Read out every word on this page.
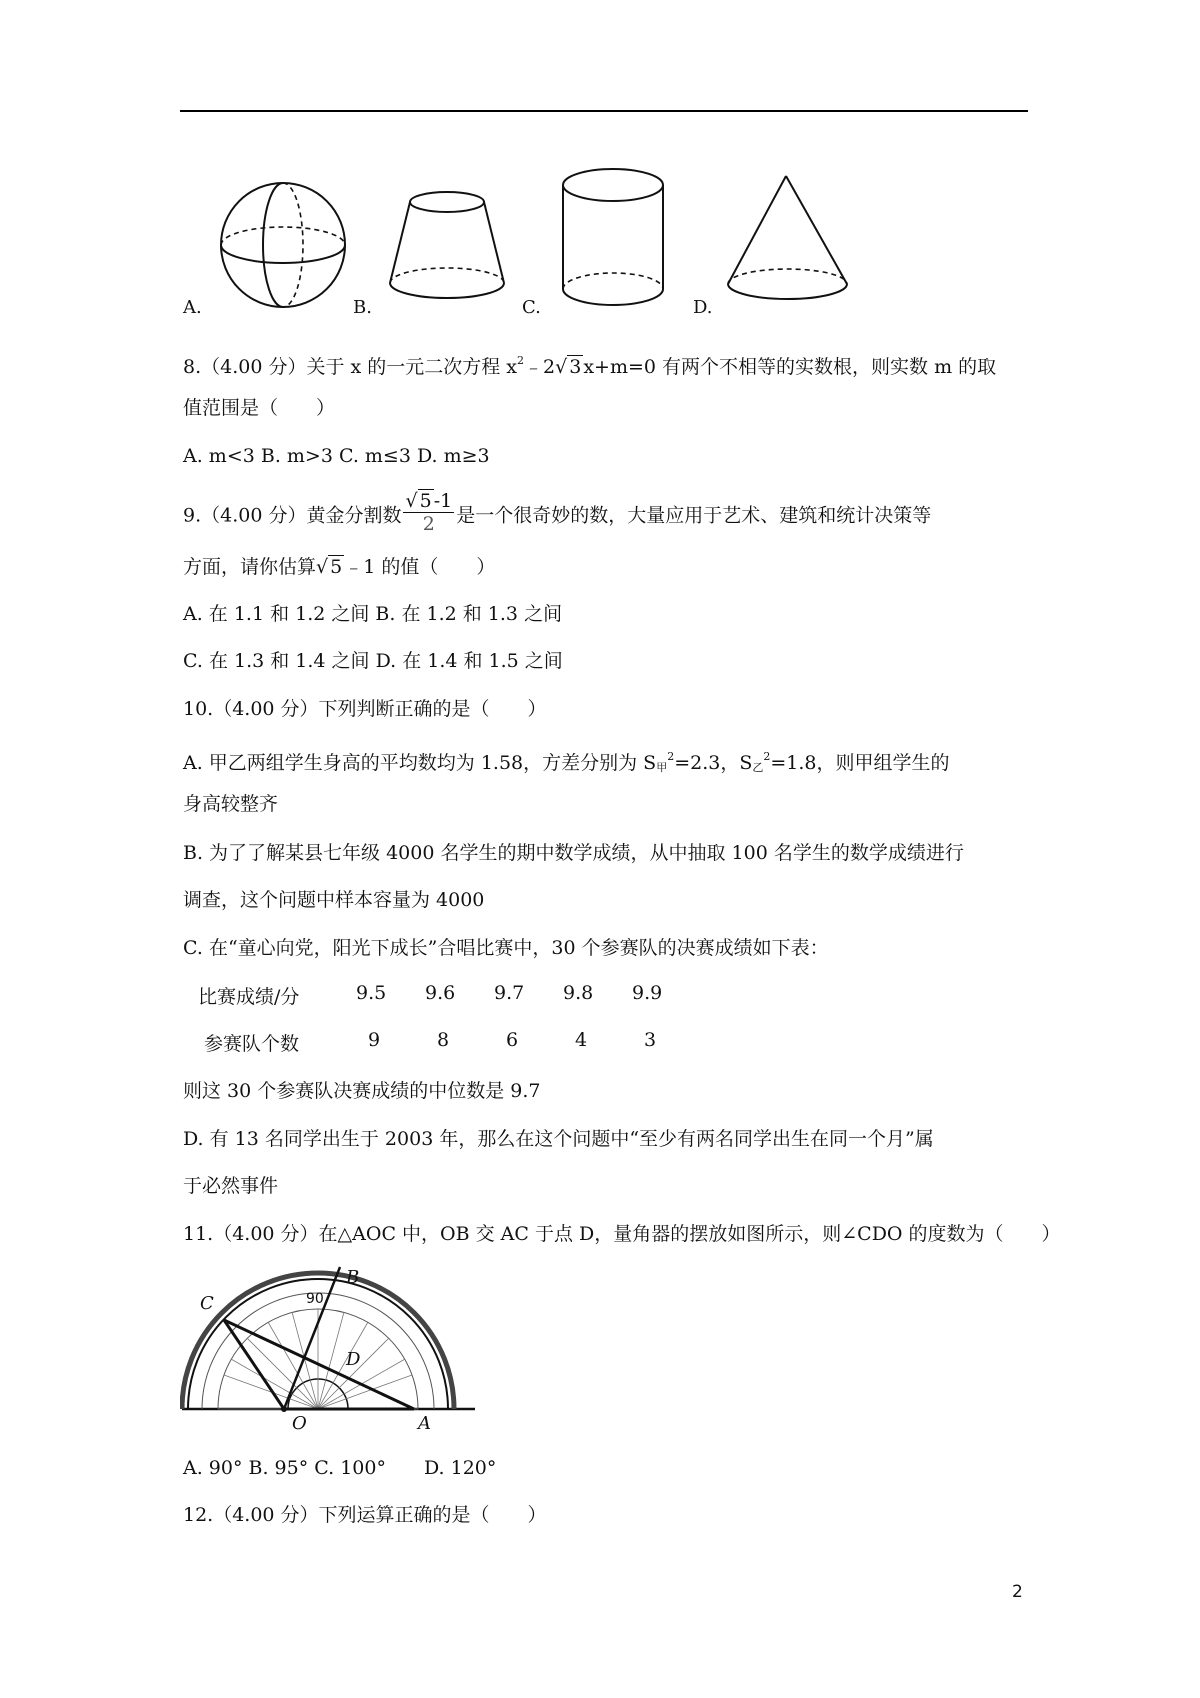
A.	B.	C.	D.
8.（4.00 分）关于 x 的一元二次方程 $x^2﹣2√$ 3 x+m=0 有两个不相等的实数根，则实数 m 的取
值范围是（　　）
A. m<3 B. m>3 C. m≤3 D. m≥3
9.（4.00 分）黄金分割数 $\frac{√ 5 -1}{2}$ 是一个很奇妙的数，大量应用于艺术、建筑和统计决策等
方面，请你估算√ 5 ﹣1 的值（　　）
A. 在 1.1 和 1.2 之间 B. 在 1.2 和 1.3 之间
C. 在 1.3 和 1.4 之间 D. 在 1.4 和 1.5 之间
10.（4.00 分）下列判断正确的是（　　）
A. 甲乙两组学生身高的平均数均为 1.58，方差分别为 S甲$^2$=2.3，S乙$^2$=1.8，则甲组学生的
身高较整齐
B. 为了了解某县七年级 4000 名学生的期中数学成绩，从中抽取 100 名学生的数学成绩进行
调查，这个问题中样本容量为 4000
C. 在“童心向党，阳光下成长”合唱比赛中，30 个参赛队的决赛成绩如下表：
比赛成绩/分	9.5 9.6 9.7 9.8 9.9
参赛队个数	9	8	6	4	3
则这 30 个参赛队决赛成绩的中位数是 9.7
D. 有 13 名同学出生于 2003 年，那么在这个问题中“至少有两名同学出生在同一个月”属
于必然事件
11.（4.00 分）在△AOC 中，OB 交 AC 于点 D，量角器的摆放如图所示，则∠CDO 的度数为（　　）
C
B
D
O	A
90
A. 90° B. 95° C. 100°　　D. 120°
12.（4.00 分）下列运算正确的是（　　）
2
